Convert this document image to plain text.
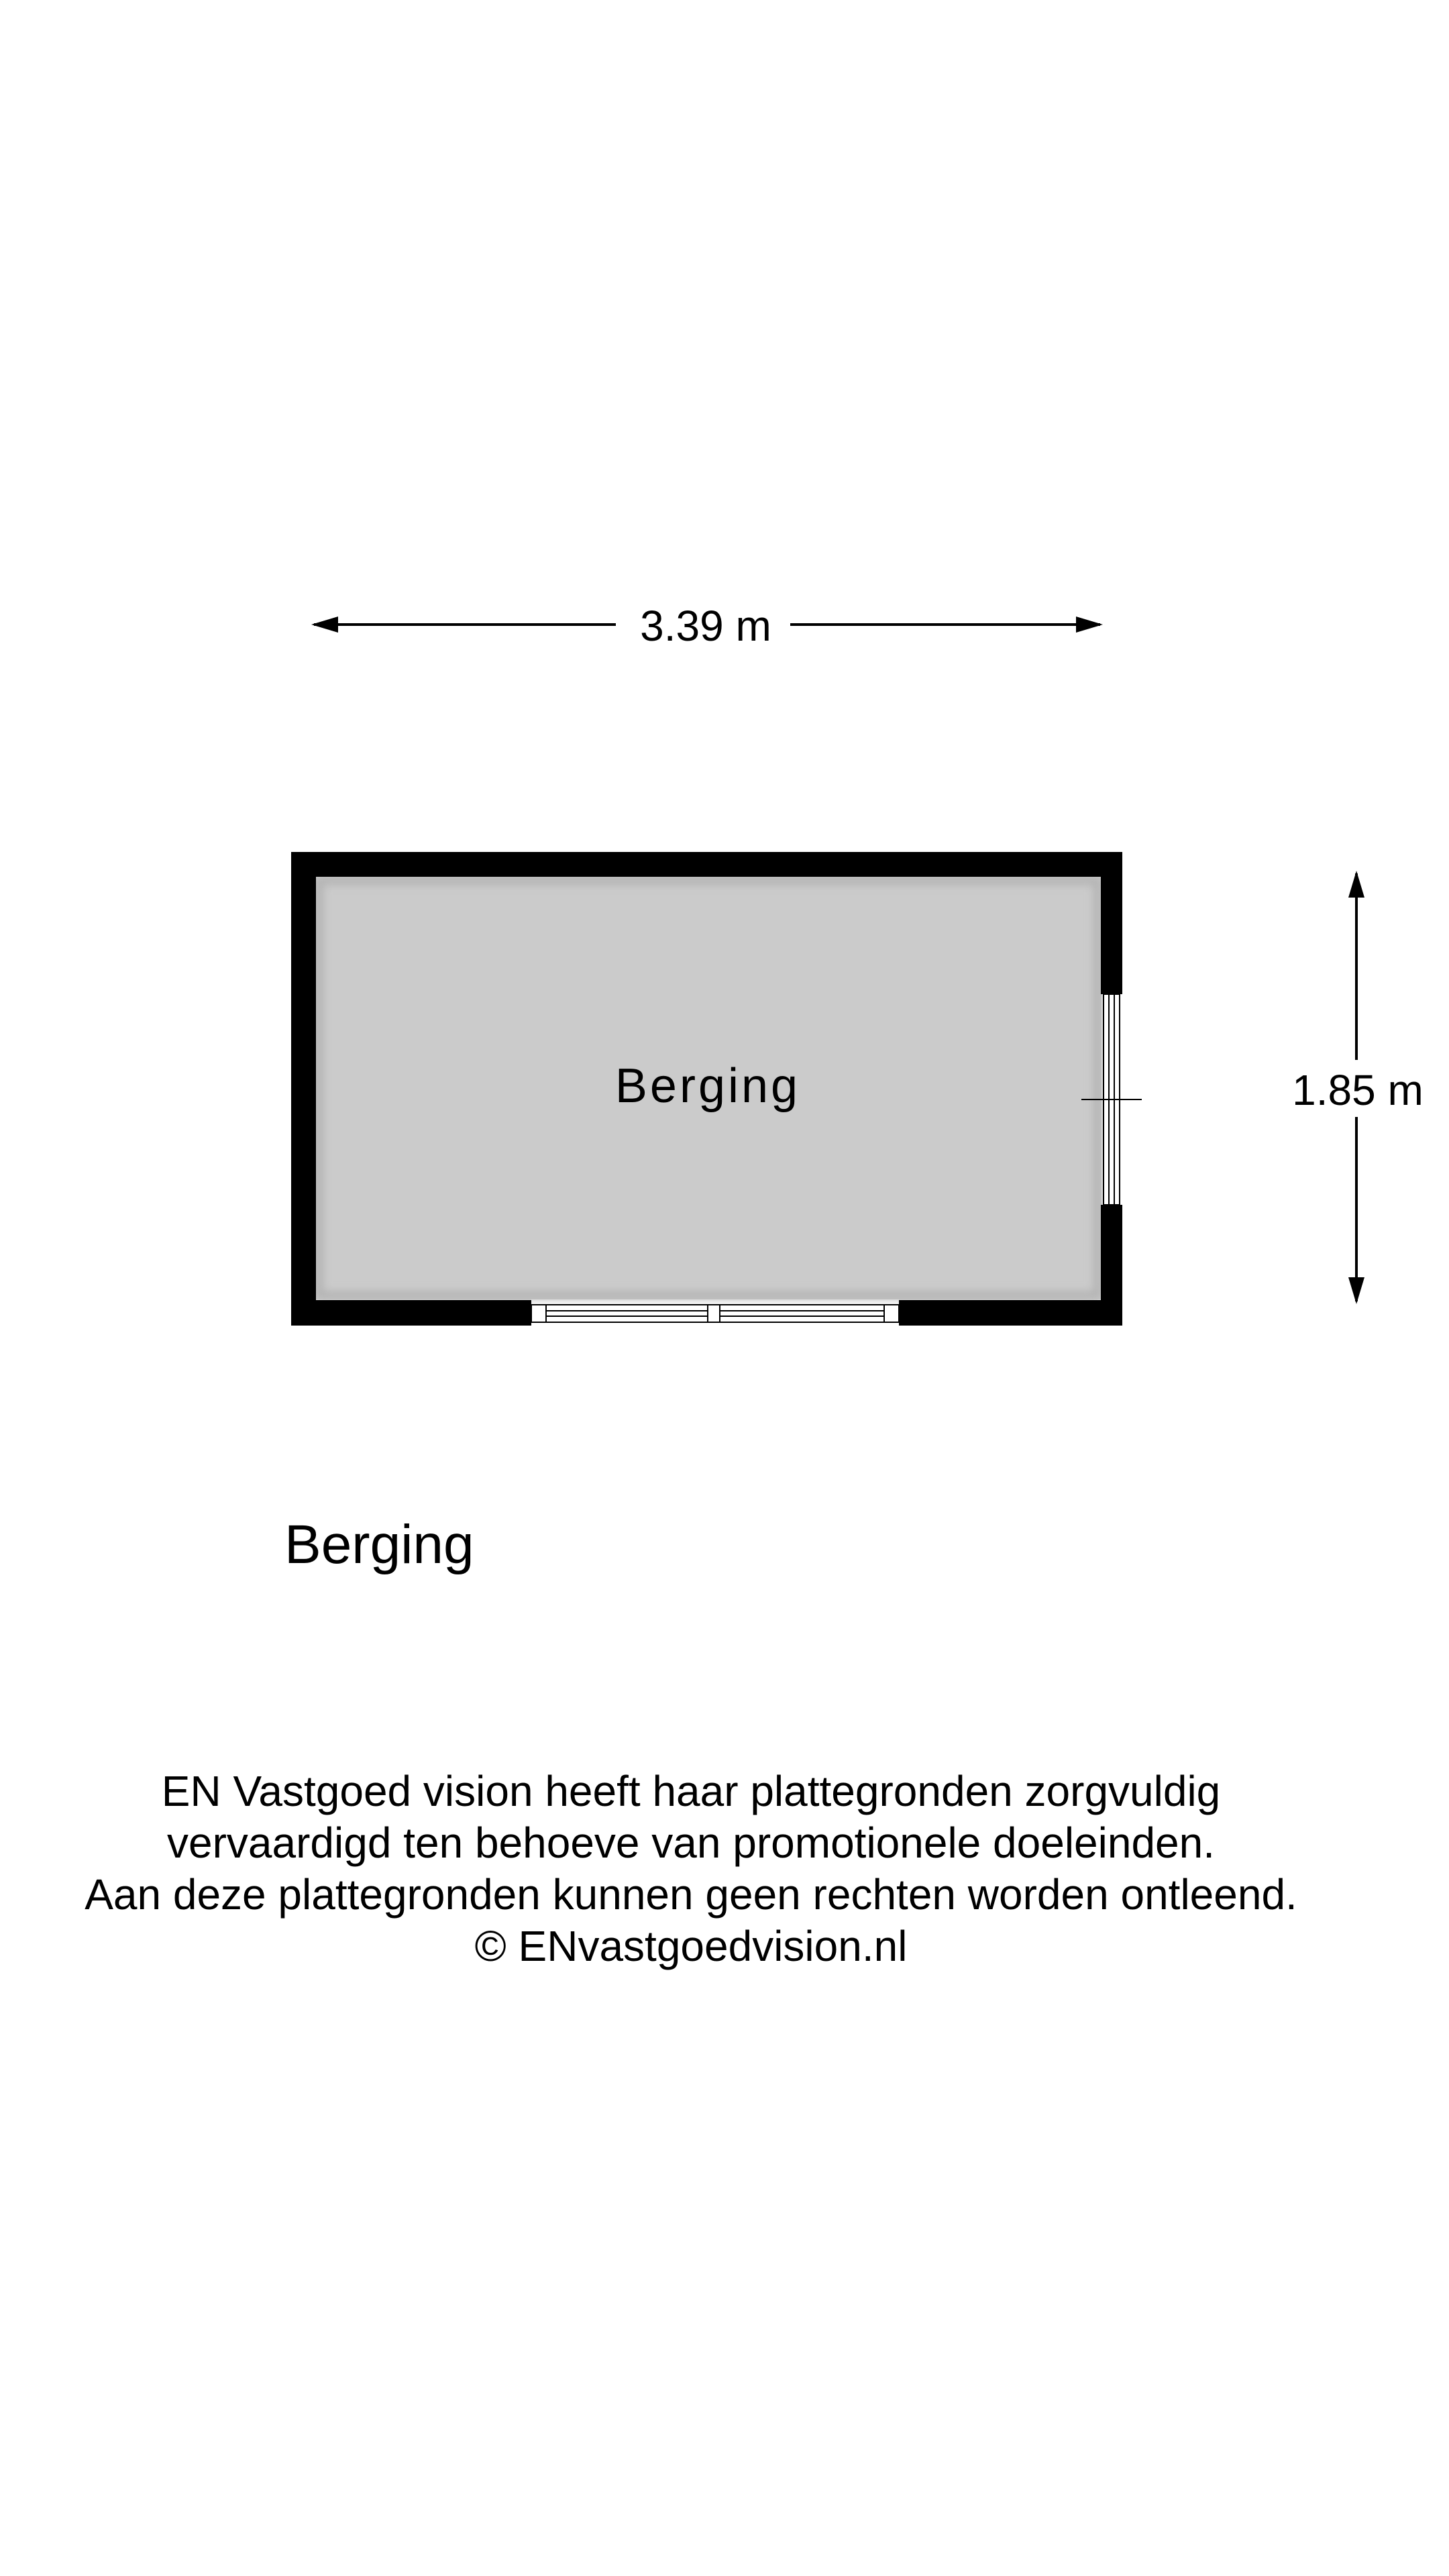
3.39 m
1.85 m
Berging
Berging
EN Vastgoed vision heeft haar plattegronden zorgvuldig
vervaardigd ten behoeve van promotionele doeleinden.
Aan deze plattegronden kunnen geen rechten worden ontleend.
© ENvastgoedvision.nl
